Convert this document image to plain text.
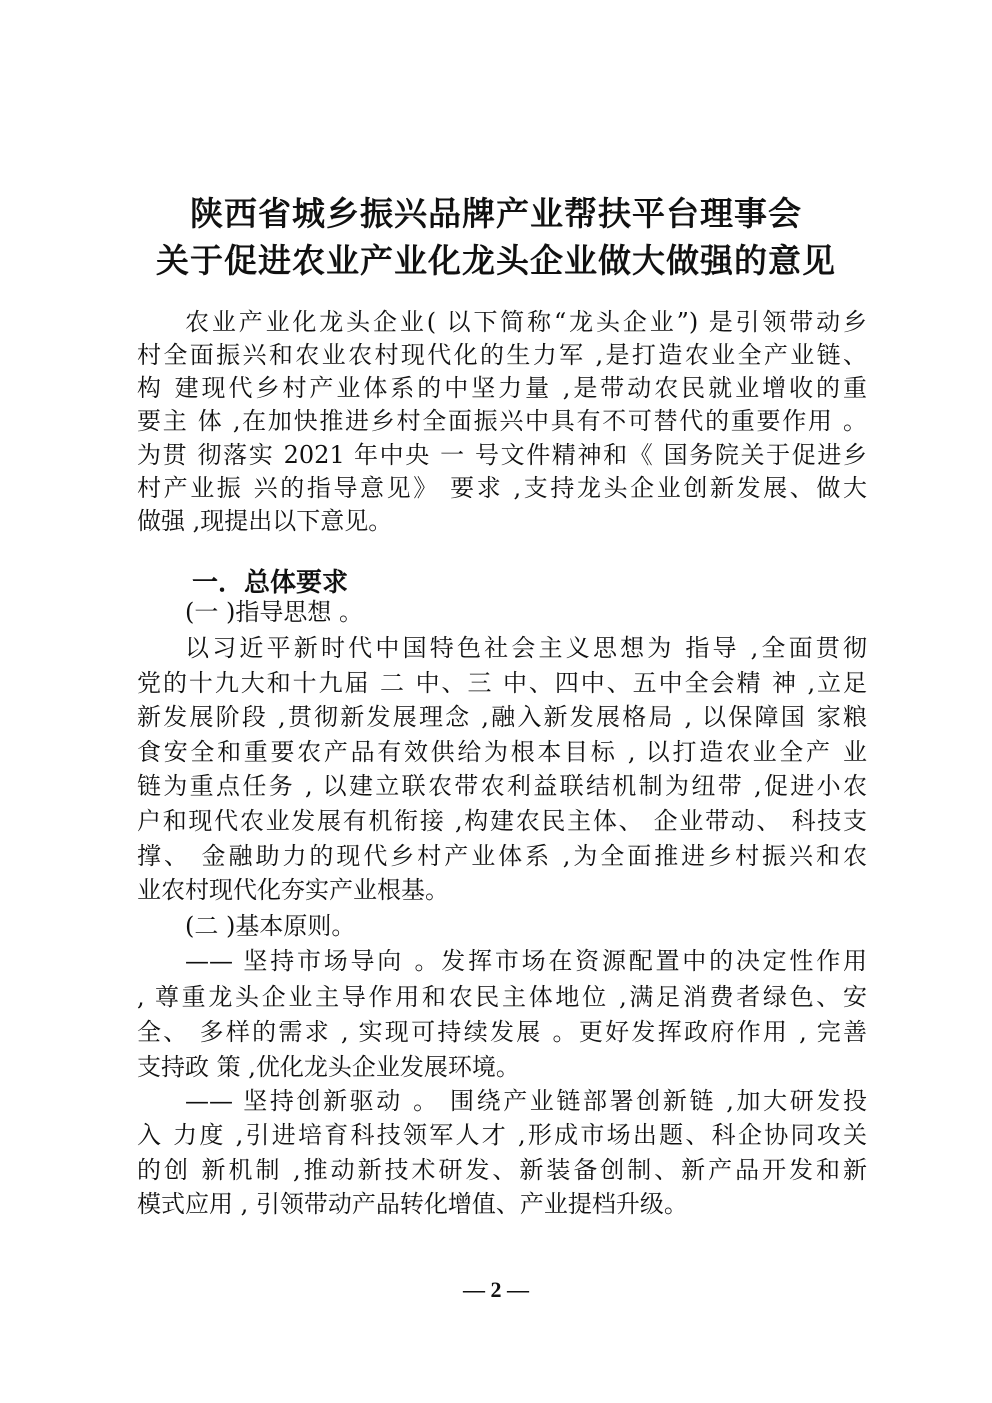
陕西省城乡振兴品牌产业帮扶平台理事会
关于促进农业产业化龙头企业做大做强的意见
农业产业化龙头企业( 以下简称“龙头企业”) 是引领带动乡
村全面振兴和农业农村现代化的生力军 ,是打造农业全产业链、
构 建现代乡村产业体系的中坚力量 ,是带动农民就业增收的重
要主 体 ,在加快推进乡村全面振兴中具有不可替代的重要作用 。
为贯 彻落实 2021 年中央 一 号文件精神和《 国务院关于促进乡
村产业振 兴的指导意见》 要求 ,支持龙头企业创新发展、做大
做强 ,现提出以下意见。
一．总体要求
(一 )指导思想 。
以习近平新时代中国特色社会主义思想为 指导 ,全面贯彻
党的十九大和十九届 二 中、三 中、四中、五中全会精 神 ,立足
新发展阶段 ,贯彻新发展理念 ,融入新发展格局 , 以保障国 家粮
食安全和重要农产品有效供给为根本目标 , 以打造农业全产 业
链为重点任务 , 以建立联农带农利益联结机制为纽带 ,促进小农
户和现代农业发展有机衔接 ,构建农民主体、 企业带动、 科技支
撑、 金融助力的现代乡村产业体系 ,为全面推进乡村振兴和农
业农村现代化夯实产业根基。
(二 )基本原则。
—— 坚持市场导向 。发挥市场在资源配置中的决定性作用
, 尊重龙头企业主导作用和农民主体地位 ,满足消费者绿色、安
全、 多样的需求 , 实现可持续发展 。更好发挥政府作用 , 完善
支持政 策 ,优化龙头企业发展环境。
—— 坚持创新驱动 。 围绕产业链部署创新链 ,加大研发投
入 力度 ,引进培育科技领军人才 ,形成市场出题、科企协同攻关
的创 新机制 ,推动新技术研发、新装备创制、新产品开发和新
模式应用 , 引领带动产品转化增值、产业提档升级。
— 2 —
